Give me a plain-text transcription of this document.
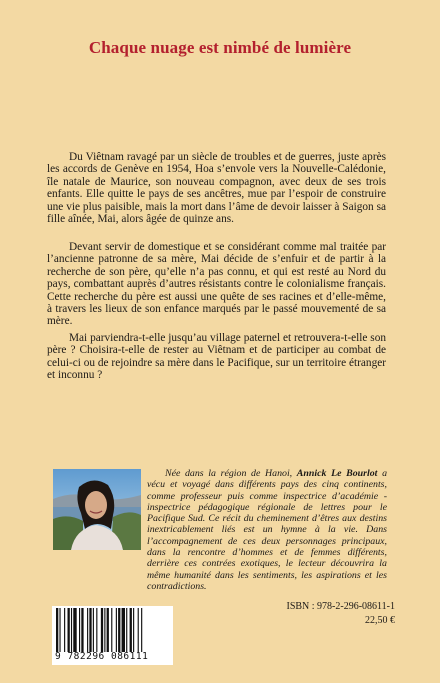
Chaque nuage est nimbé de lumière

Du Viêtnam ravagé par un siècle de troubles et de guerres, juste après les accords de Genève en 1954, Hoa s’envole vers la Nouvelle-Calédonie, île natale de Maurice, son nouveau compagnon, avec deux de ses trois enfants. Elle quitte le pays de ses ancêtres, mue par l’espoir de construire une vie plus paisible, mais la mort dans l’âme de devoir laisser à Saigon sa fille aînée, Mai, alors âgée de quinze ans.

Devant servir de domestique et se considérant comme mal traitée par l’ancienne patronne de sa mère, Mai décide de s’enfuir et de partir à la recherche de son père, qu’elle n’a pas connu, et qui est resté au Nord du pays, combattant auprès d’autres résistants contre le colonialisme français. Cette recherche du père est aussi une quête de ses racines et d’elle-même, à travers les lieux de son enfance marqués par le passé mouvementé de sa mère.

Mai parviendra-t-elle jusqu’au village paternel et retrouvera-t-elle son père ? Choisira-t-elle de rester au Viêtnam et de participer au combat de celui-ci ou de rejoindre sa mère dans le Pacifique, sur un territoire étranger et inconnu ?

Née dans la région de Hanoi, Annick Le Bourlot a vécu et voyagé dans différents pays des cinq continents, comme professeur puis comme inspectrice d’académie - inspectrice pédagogique régionale de lettres pour le Pacifique Sud. Ce récit du cheminement d’êtres aux destins inextricablement liés est un hymne à la vie. Dans l’accompagnement de ces deux personnages principaux, dans la rencontre d’hommes et de femmes différents, derrière ces contrées exotiques, le lecteur découvrira la même humanité dans les sentiments, les aspirations et les contradictions.

9 782296 086111
ISBN : 978-2-296-08611-1
22,50 €
